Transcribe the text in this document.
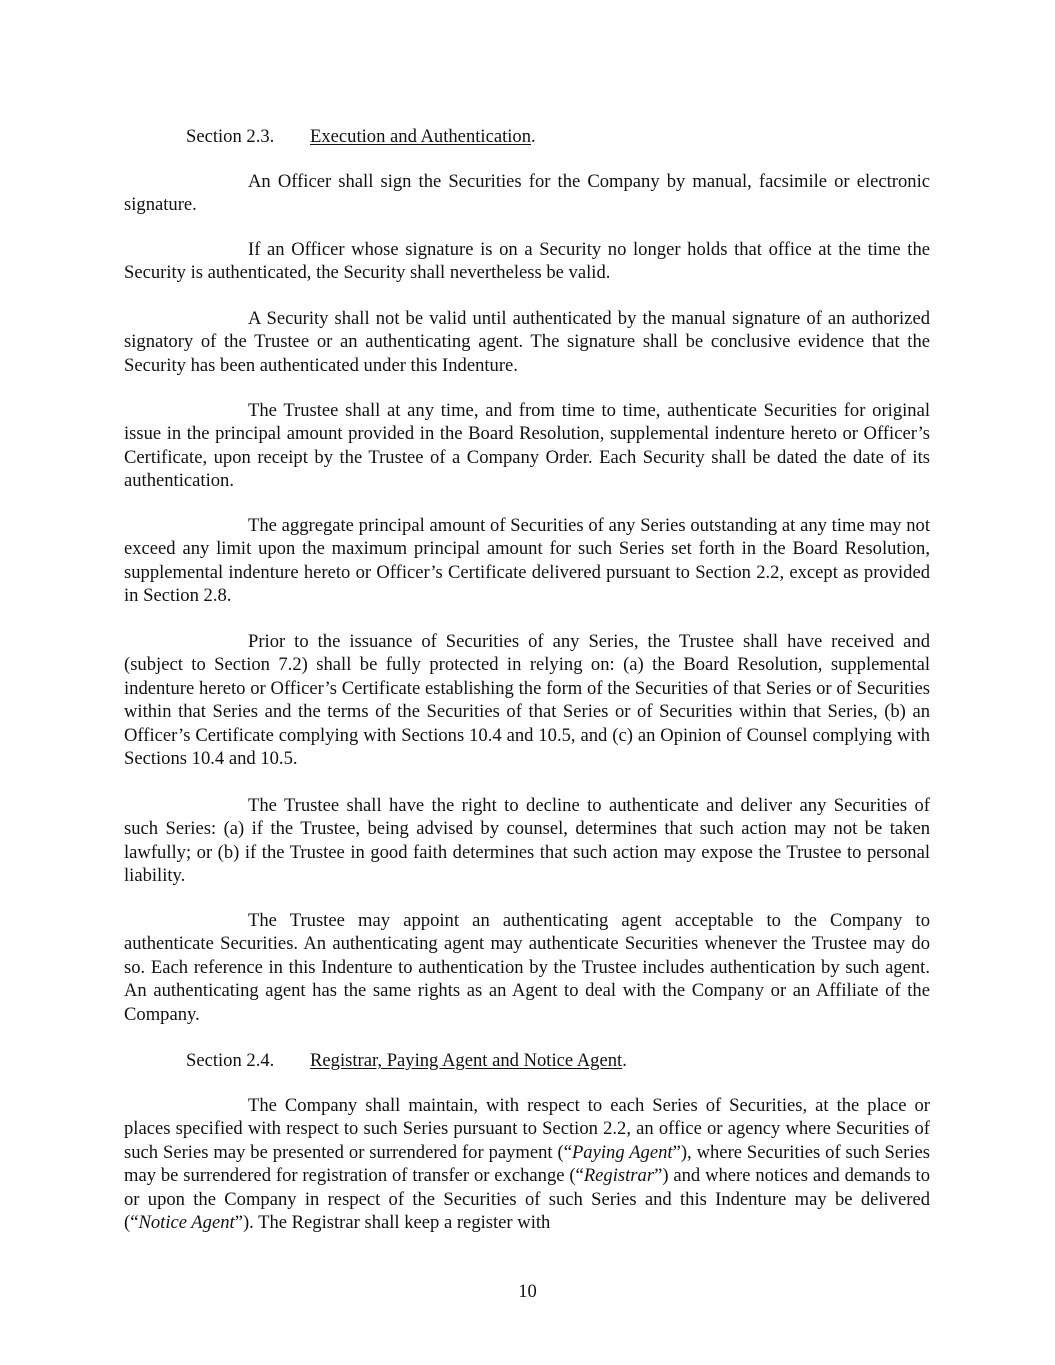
Section 2.3. Execution and Authentication.

An Officer shall sign the Securities for the Company by manual, facsimile or electronic signature.

If an Officer whose signature is on a Security no longer holds that office at the time the Security is authenticated, the Security shall nevertheless be valid.

A Security shall not be valid until authenticated by the manual signature of an authorized signatory of the Trustee or an authenticating agent. The signature shall be conclusive evidence that the Security has been authenticated under this Indenture.

The Trustee shall at any time, and from time to time, authenticate Securities for original issue in the principal amount provided in the Board Resolution, supplemental indenture hereto or Officer’s Certificate, upon receipt by the Trustee of a Company Order. Each Security shall be dated the date of its authentication.

The aggregate principal amount of Securities of any Series outstanding at any time may not exceed any limit upon the maximum principal amount for such Series set forth in the Board Resolution, supplemental indenture hereto or Officer’s Certificate delivered pursuant to Section 2.2, except as provided in Section 2.8.

Prior to the issuance of Securities of any Series, the Trustee shall have received and (subject to Section 7.2) shall be fully protected in relying on: (a) the Board Resolution, supplemental indenture hereto or Officer’s Certificate establishing the form of the Securities of that Series or of Securities within that Series and the terms of the Securities of that Series or of Securities within that Series, (b) an Officer’s Certificate complying with Sections 10.4 and 10.5, and (c) an Opinion of Counsel complying with Sections 10.4 and 10.5.

The Trustee shall have the right to decline to authenticate and deliver any Securities of such Series: (a) if the Trustee, being advised by counsel, determines that such action may not be taken lawfully; or (b) if the Trustee in good faith determines that such action may expose the Trustee to personal liability.

The Trustee may appoint an authenticating agent acceptable to the Company to authenticate Securities. An authenticating agent may authenticate Securities whenever the Trustee may do so. Each reference in this Indenture to authentication by the Trustee includes authentication by such agent. An authenticating agent has the same rights as an Agent to deal with the Company or an Affiliate of the Company.

Section 2.4. Registrar, Paying Agent and Notice Agent.

The Company shall maintain, with respect to each Series of Securities, at the place or places specified with respect to such Series pursuant to Section 2.2, an office or agency where Securities of such Series may be presented or surrendered for payment (“Paying Agent”), where Securities of such Series may be surrendered for registration of transfer or exchange (“Registrar”) and where notices and demands to or upon the Company in respect of the Securities of such Series and this Indenture may be delivered (“Notice Agent”). The Registrar shall keep a register with

10
